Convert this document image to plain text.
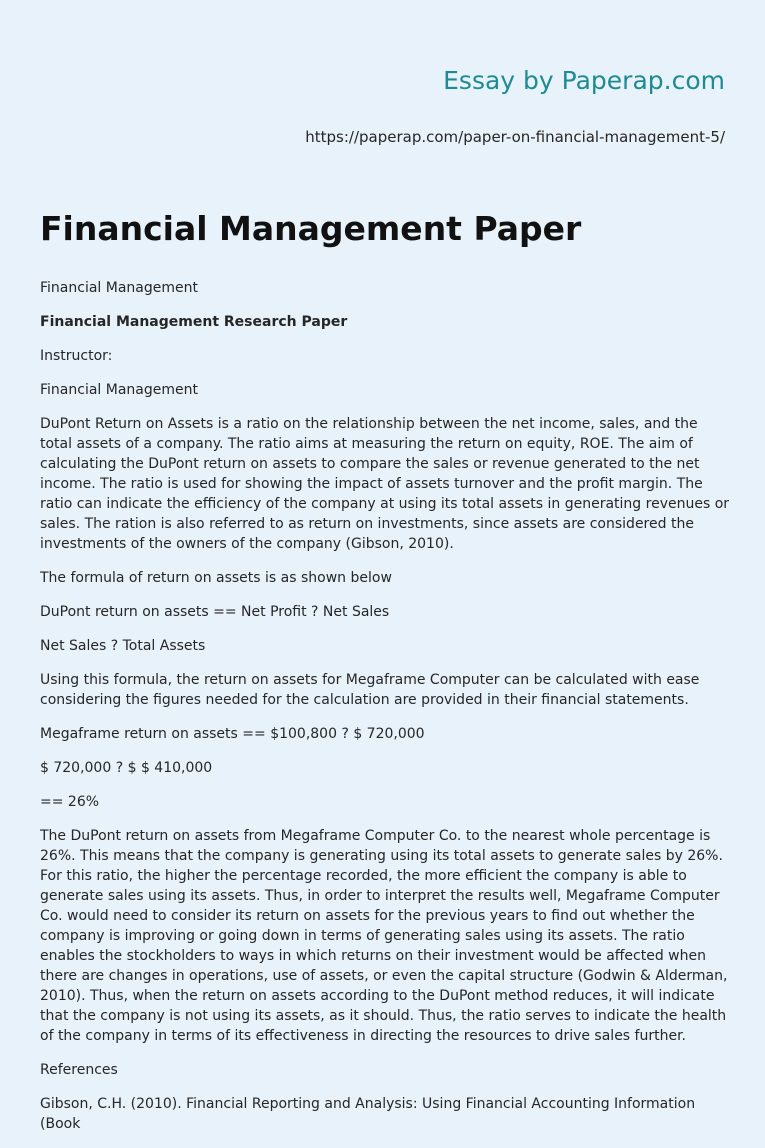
Essay by Paperap.com
https://paperap.com/paper-on-financial-management-5/
Financial Management Paper

Financial Management

Financial Management Research Paper

Instructor:

Financial Management

DuPont Return on Assets is a ratio on the relationship between the net income, sales, and the total assets of a company. The ratio aims at measuring the return on equity, ROE. The aim of calculating the DuPont return on assets to compare the sales or revenue generated to the net income. The ratio is used for showing the impact of assets turnover and the profit margin. The ratio can indicate the efficiency of the company at using its total assets in generating revenues or sales. The ration is also referred to as return on investments, since assets are considered the investments of the owners of the company (Gibson, 2010).

The formula of return on assets is as shown below

DuPont return on assets == Net Profit ? Net Sales

Net Sales ? Total Assets

Using this formula, the return on assets for Megaframe Computer can be calculated with ease considering the figures needed for the calculation are provided in their financial statements.

Megaframe return on assets == $100,800 ? $ 720,000

$ 720,000 ? $ $ 410,000

== 26%

The DuPont return on assets from Megaframe Computer Co. to the nearest whole percentage is 26%. This means that the company is generating using its total assets to generate sales by 26%. For this ratio, the higher the percentage recorded, the more efficient the company is able to generate sales using its assets. Thus, in order to interpret the results well, Megaframe Computer Co. would need to consider its return on assets for the previous years to find out whether the company is improving or going down in terms of generating sales using its assets. The ratio enables the stockholders to ways in which returns on their investment would be affected when there are changes in operations, use of assets, or even the capital structure (Godwin & Alderman, 2010). Thus, when the return on assets according to the DuPont method reduces, it will indicate that the company is not using its assets, as it should. Thus, the ratio serves to indicate the health of the company in terms of its effectiveness in directing the resources to drive sales further.

References

Gibson, C.H. (2010). Financial Reporting and Analysis: Using Financial Accounting Information (Book
